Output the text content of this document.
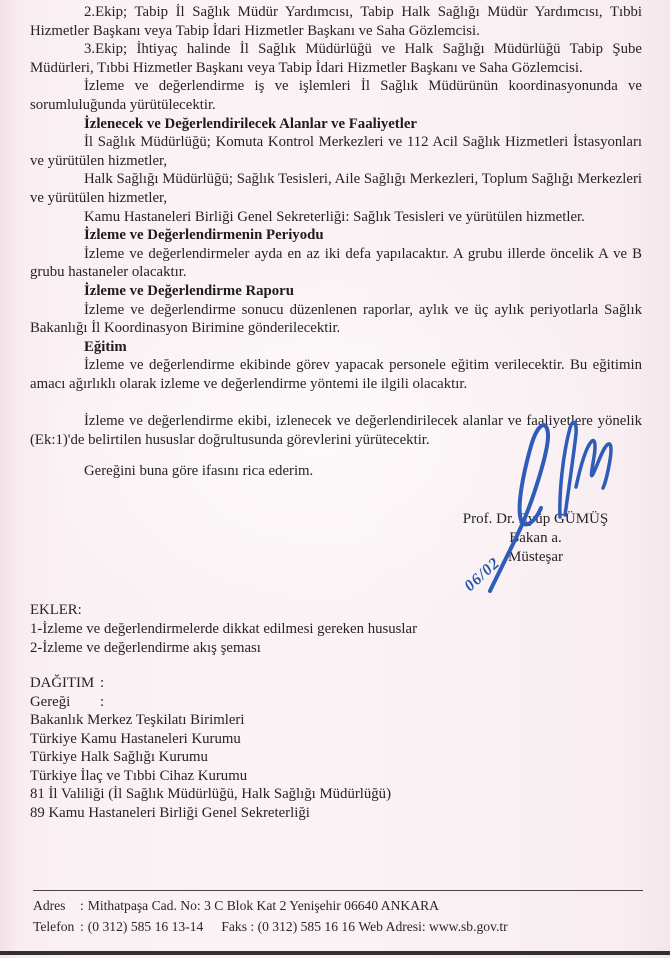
2.Ekip; Tabip İl Sağlık Müdür Yardımcısı, Tabip Halk Sağlığı Müdür Yardımcısı, Tıbbi Hizmetler Başkanı veya Tabip İdari Hizmetler Başkanı ve Saha Gözlemcisi.

3.Ekip; İhtiyaç halinde İl Sağlık Müdürlüğü ve Halk Sağlığı Müdürlüğü Tabip Şube Müdürleri, Tıbbi Hizmetler Başkanı veya Tabip İdari Hizmetler Başkanı ve Saha Gözlemcisi.

İzleme ve değerlendirme iş ve işlemleri İl Sağlık Müdürünün koordinasyonunda ve sorumluluğunda yürütülecektir.

İzlenecek ve Değerlendirilecek Alanlar ve Faaliyetler

İl Sağlık Müdürlüğü; Komuta Kontrol Merkezleri ve 112 Acil Sağlık Hizmetleri İstasyonları ve yürütülen hizmetler,

Halk Sağlığı Müdürlüğü; Sağlık Tesisleri, Aile Sağlığı Merkezleri, Toplum Sağlığı Merkezleri ve yürütülen hizmetler,

Kamu Hastaneleri Birliği Genel Sekreterliği: Sağlık Tesisleri ve yürütülen hizmetler.

İzleme ve Değerlendirmenin Periyodu

İzleme ve değerlendirmeler ayda en az iki defa yapılacaktır. A grubu illerde öncelik A ve B grubu hastaneler olacaktır.

İzleme ve Değerlendirme Raporu

İzleme ve değerlendirme sonucu düzenlenen raporlar, aylık ve üç aylık periyotlarla Sağlık Bakanlığı İl Koordinasyon Birimine gönderilecektir.

Eğitim

İzleme ve değerlendirme ekibinde görev yapacak personele eğitim verilecektir. Bu eğitimin amacı ağırlıklı olarak izleme ve değerlendirme yöntemi ile ilgili olacaktır.

İzleme ve değerlendirme ekibi, izlenecek ve değerlendirilecek alanlar ve faaliyetlere yönelik (Ek:1)'de belirtilen hususlar doğrultusunda görevlerini yürütecektir.

Gereğini buna göre ifasını rica ederim.

Prof. Dr. Eyüp GÜMÜŞ
Bakan a.
Müsteşar
06/02
EKLER:
1-İzleme ve değerlendirmelerde dikkat edilmesi gereken hususlar
2-İzleme ve değerlendirme akış şeması
DAĞITIM :
Gereği :
Bakanlık Merkez Teşkilatı Birimleri
Türkiye Kamu Hastaneleri Kurumu
Türkiye Halk Sağlığı Kurumu
Türkiye İlaç ve Tıbbi Cihaz Kurumu
81 İl Valiliği (İl Sağlık Müdürlüğü, Halk Sağlığı Müdürlüğü)
89 Kamu Hastaneleri Birliği Genel Sekreterliği
Adres : Mithatpaşa Cad. No: 3 C Blok Kat 2 Yenişehir 06640 ANKARA
Telefon : (0 312) 585 16 13-14 Faks : (0 312) 585 16 16 Web Adresi: www.sb.gov.tr
